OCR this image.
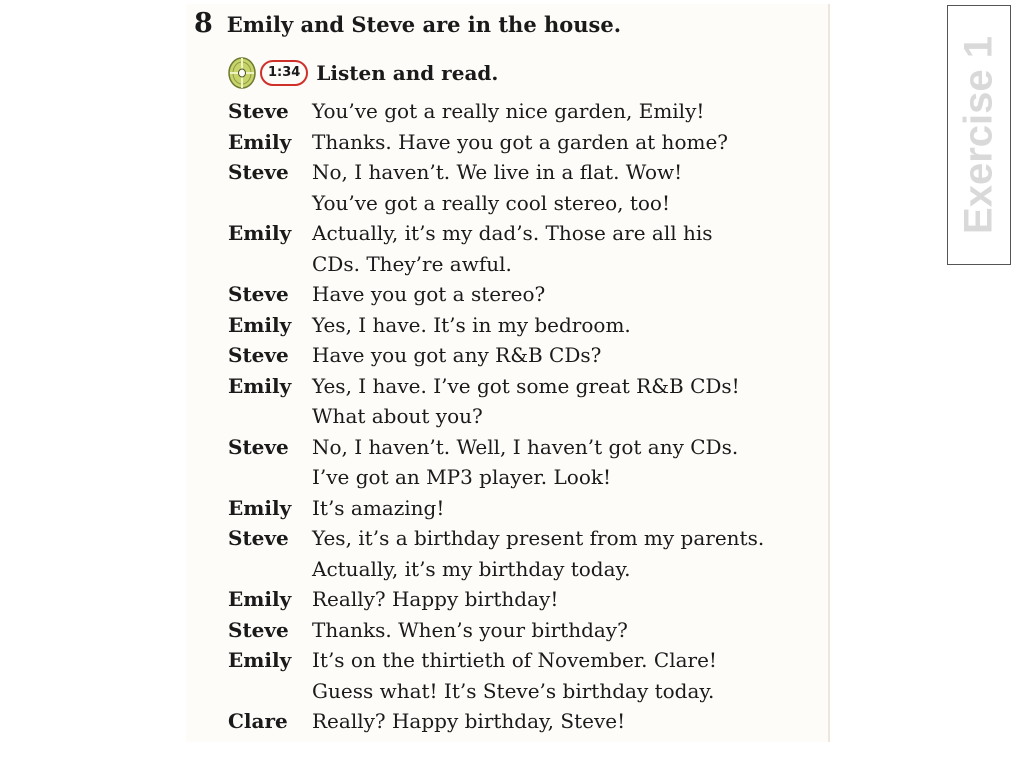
8 Emily and Steve are in the house.
1:34 Listen and read.
Steve	You’ve got a really nice garden, Emily!
Emily	Thanks. Have you got a garden at home?
Steve	No, I haven’t. We live in a flat. Wow!
You’ve got a really cool stereo, too!
Emily	Actually, it’s my dad’s. Those are all his
CDs. They’re awful.
Steve	Have you got a stereo?
Emily	Yes, I have. It’s in my bedroom.
Steve	Have you got any R&B CDs?
Emily	Yes, I have. I’ve got some great R&B CDs!
What about you?
Steve	No, I haven’t. Well, I haven’t got any CDs.
I’ve got an MP3 player. Look!
Emily	It’s amazing!
Steve	Yes, it’s a birthday present from my parents.
Actually, it’s my birthday today.
Emily	Really? Happy birthday!
Steve	Thanks. When’s your birthday?
Emily	It’s on the thirtieth of November. Clare!
Guess what! It’s Steve’s birthday today.
Clare	Really? Happy birthday, Steve!
Exercise 1
